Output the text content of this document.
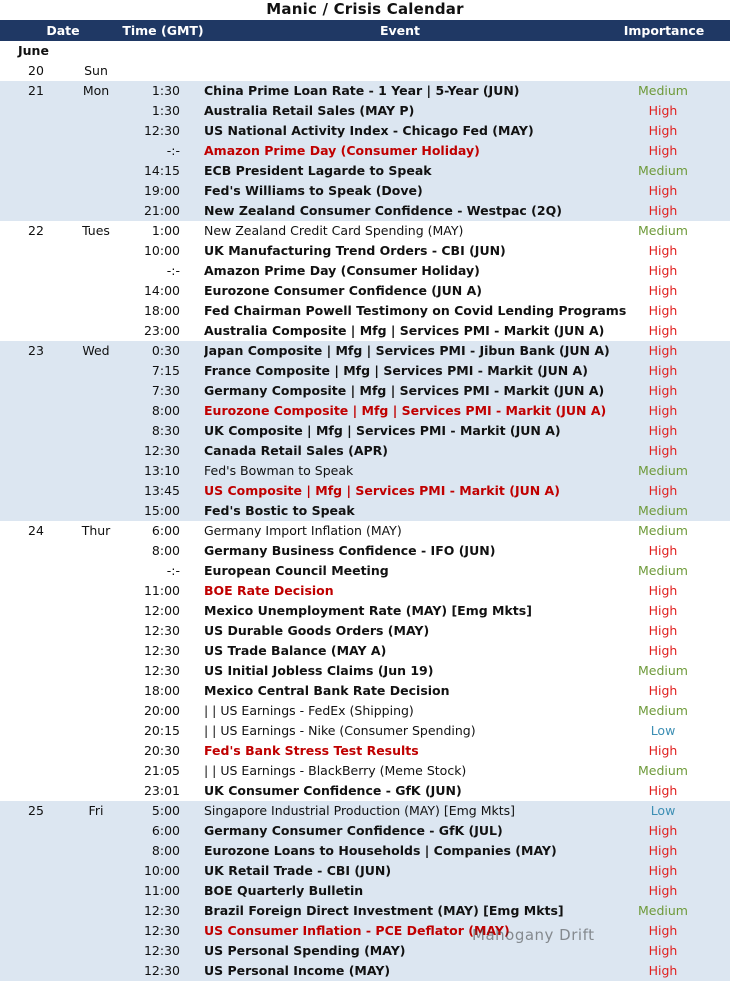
Manic / Crisis Calendar
Date	Time (GMT)	Event	Importance Level
June
20	Sun
21	Mon	1:30 China Prime Loan Rate - 1 Year | 5-Year (JUN)	Medium
1:30 Australia Retail Sales (MAY P)	High
12:30 US National Activity Index - Chicago Fed (MAY)	High
-:- Amazon Prime Day (Consumer Holiday)	High
14:15 ECB President Lagarde to Speak	Medium
19:00 Fed's Williams to Speak (Dove)	High
21:00 New Zealand Consumer Confidence - Westpac (2Q)	High
22	Tues	1:00 New Zealand Credit Card Spending (MAY)	Medium
10:00 UK Manufacturing Trend Orders - CBI (JUN)	High
-:- Amazon Prime Day (Consumer Holiday)	High
14:00 Eurozone Consumer Confidence (JUN A)	High
18:00 Fed Chairman Powell Testimony on Covid Lending Programs	High
23:00 Australia Composite | Mfg | Services PMI - Markit (JUN A)	High
23	Wed	0:30 Japan Composite | Mfg | Services PMI - Jibun Bank (JUN A)	High
7:15 France Composite | Mfg | Services PMI - Markit (JUN A)	High
7:30 Germany Composite | Mfg | Services PMI - Markit (JUN A)	High
8:00 Eurozone Composite | Mfg | Services PMI - Markit (JUN A)	High
8:30 UK Composite | Mfg | Services PMI - Markit (JUN A)	High
12:30 Canada Retail Sales (APR)	High
13:10 Fed's Bowman to Speak	Medium
13:45 US Composite | Mfg | Services PMI - Markit (JUN A)	High
15:00 Fed's Bostic to Speak	Medium
24	Thur	6:00 Germany Import Inflation (MAY)	Medium
8:00 Germany Business Confidence - IFO (JUN)	High
-:- European Council Meeting	Medium
11:00 BOE Rate Decision	High
12:00 Mexico Unemployment Rate (MAY) [Emg Mkts]	High
12:30 US Durable Goods Orders (MAY)	High
12:30 US Trade Balance (MAY A)	High
12:30 US Initial Jobless Claims (Jun 19)	Medium
18:00 Mexico Central Bank Rate Decision	High
20:00 | | US Earnings - FedEx (Shipping)	Medium
20:15 | | US Earnings - Nike (Consumer Spending)	Low
20:30 Fed's Bank Stress Test Results	High
21:05 | | US Earnings - BlackBerry (Meme Stock)	Medium
23:01 UK Consumer Confidence - GfK (JUN)	High
25	Fri	5:00 Singapore Industrial Production (MAY) [Emg Mkts]	Low
6:00 Germany Consumer Confidence - GfK (JUL)	High
8:00 Eurozone Loans to Households | Companies (MAY)	High
10:00 UK Retail Trade - CBI (JUN)	High
11:00 BOE Quarterly Bulletin	High
12:30 Brazil Foreign Direct Investment (MAY) [Emg Mkts]	Medium
12:30 US Consumer Inflation - PCE Deflator (MAY)	High
12:30 US Personal Spending (MAY)	High
12:30 US Personal Income (MAY)	High
Mahogany Drift
